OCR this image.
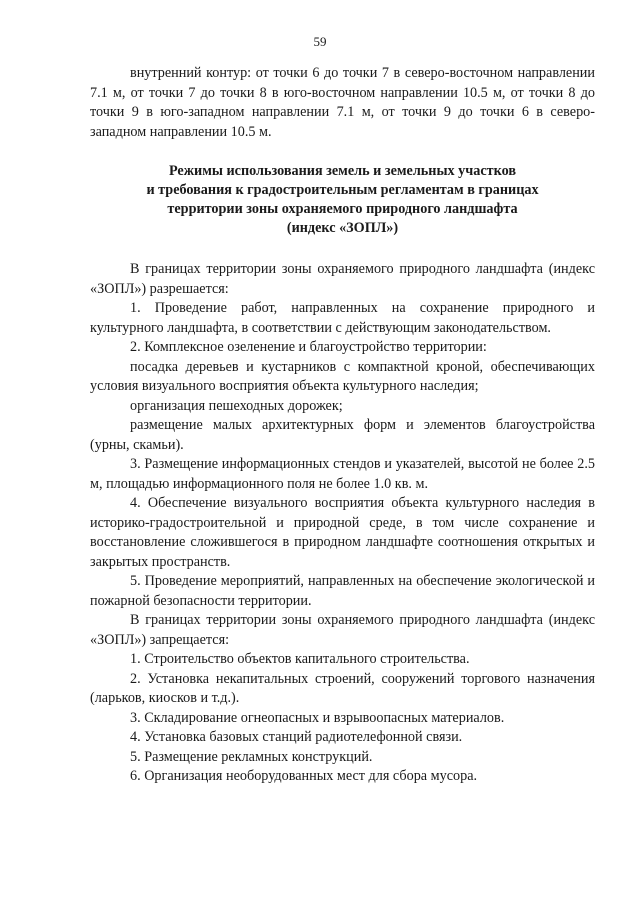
59

внутренний контур: от точки 6 до точки 7 в северо-восточном направлении 7.1 м, от точки 7 до точки 8 в юго-восточном направлении 10.5 м, от точки 8 до точки 9 в юго-западном направлении 7.1 м, от точки 9 до точки 6 в северо-западном направлении 10.5 м.

Режимы использования земель и земельных участков
и требования к градостроительным регламентам в границах
территории зоны охраняемого природного ландшафта
(индекс «ЗОПЛ»)

В границах территории зоны охраняемого природного ландшафта (индекс «ЗОПЛ») разрешается:

1. Проведение работ, направленных на сохранение природного и культурного ландшафта, в соответствии с действующим законодательством.

2. Комплексное озеленение и благоустройство территории:

посадка деревьев и кустарников с компактной кроной, обеспечивающих условия визуального восприятия объекта культурного наследия;

организация пешеходных дорожек;

размещение малых архитектурных форм и элементов благоустройства (урны, скамьи).

3. Размещение информационных стендов и указателей, высотой не более 2.5 м, площадью информационного поля не более 1.0 кв. м.

4. Обеспечение визуального восприятия объекта культурного наследия в историко-градостроительной и природной среде, в том числе сохранение и восстановление сложившегося в природном ландшафте соотношения открытых и закрытых пространств.

5. Проведение мероприятий, направленных на обеспечение экологической и пожарной безопасности территории.

В границах территории зоны охраняемого природного ландшафта (индекс «ЗОПЛ») запрещается:

1. Строительство объектов капитального строительства.

2. Установка некапитальных строений, сооружений торгового назначения (ларьков, киосков и т.д.).

3. Складирование огнеопасных и взрывоопасных материалов.

4. Установка базовых станций радиотелефонной связи.

5. Размещение рекламных конструкций.

6. Организация необорудованных мест для сбора мусора.
